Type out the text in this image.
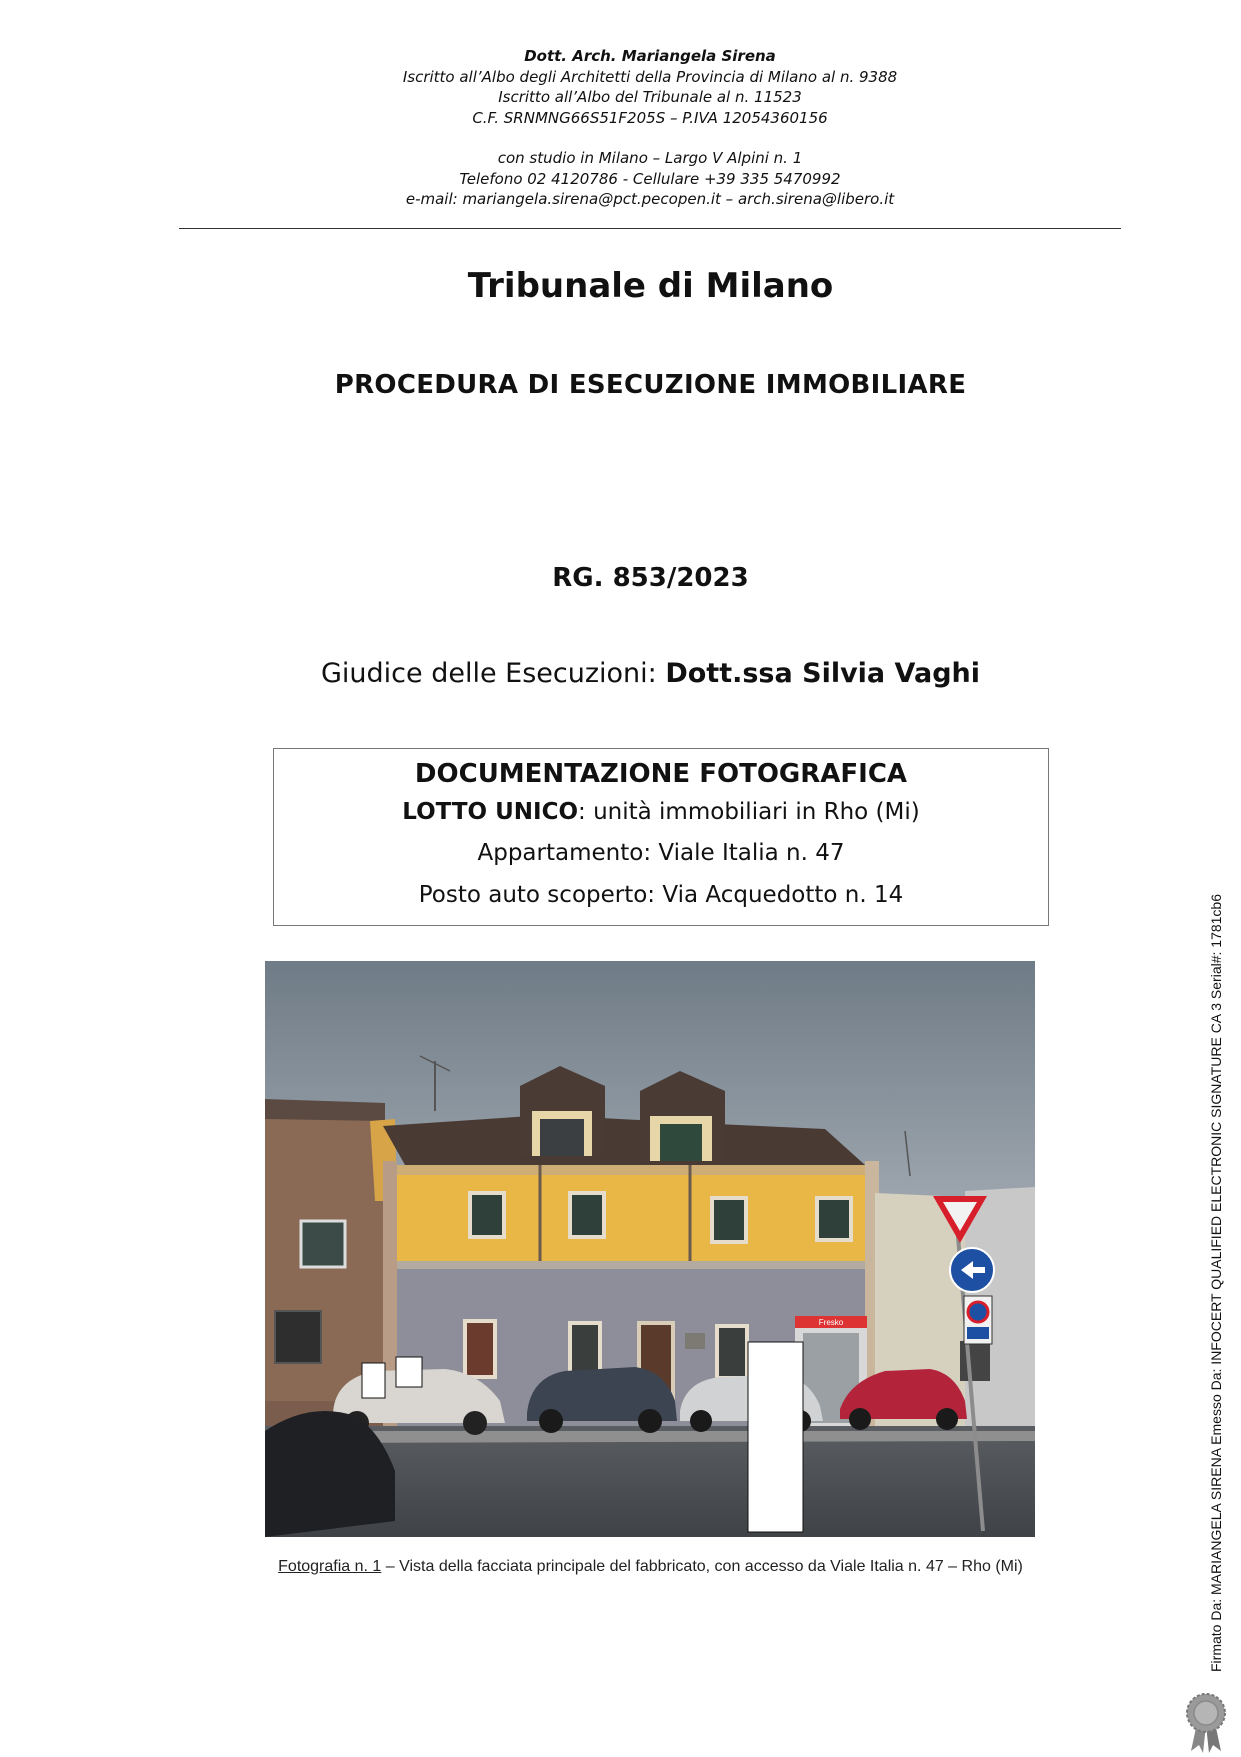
Dott. Arch. Mariangela Sirena
Iscritto all’Albo degli Architetti della Provincia di Milano al n. 9388
Iscritto all’Albo del Tribunale al n. 11523
C.F. SRNMNG66S51F205S – P.IVA 12054360156
con studio in Milano – Largo V Alpini n. 1
Telefono 02 4120786 - Cellulare +39 335 5470992
e-mail: mariangela.sirena@pct.pecopen.it – arch.sirena@libero.it
Tribunale di Milano
PROCEDURA DI ESECUZIONE IMMOBILIARE
RG. 853/2023
Giudice delle Esecuzioni: Dott.ssa Silvia Vaghi
DOCUMENTAZIONE FOTOGRAFICA
LOTTO UNICO: unità immobiliari in Rho (Mi)
Appartamento: Viale Italia n. 47
Posto auto scoperto: Via Acquedotto n. 14
Fresko
Fotografia n. 1 – Vista della facciata principale del fabbricato, con accesso da Viale Italia n. 47 – Rho (Mi)	Firmato Da: MARIANGELA SIRENA Emesso Da: INFOCERT QUALIFIED ELECTRONIC SIGNATURE CA 3 Serial#: 1781cb6
